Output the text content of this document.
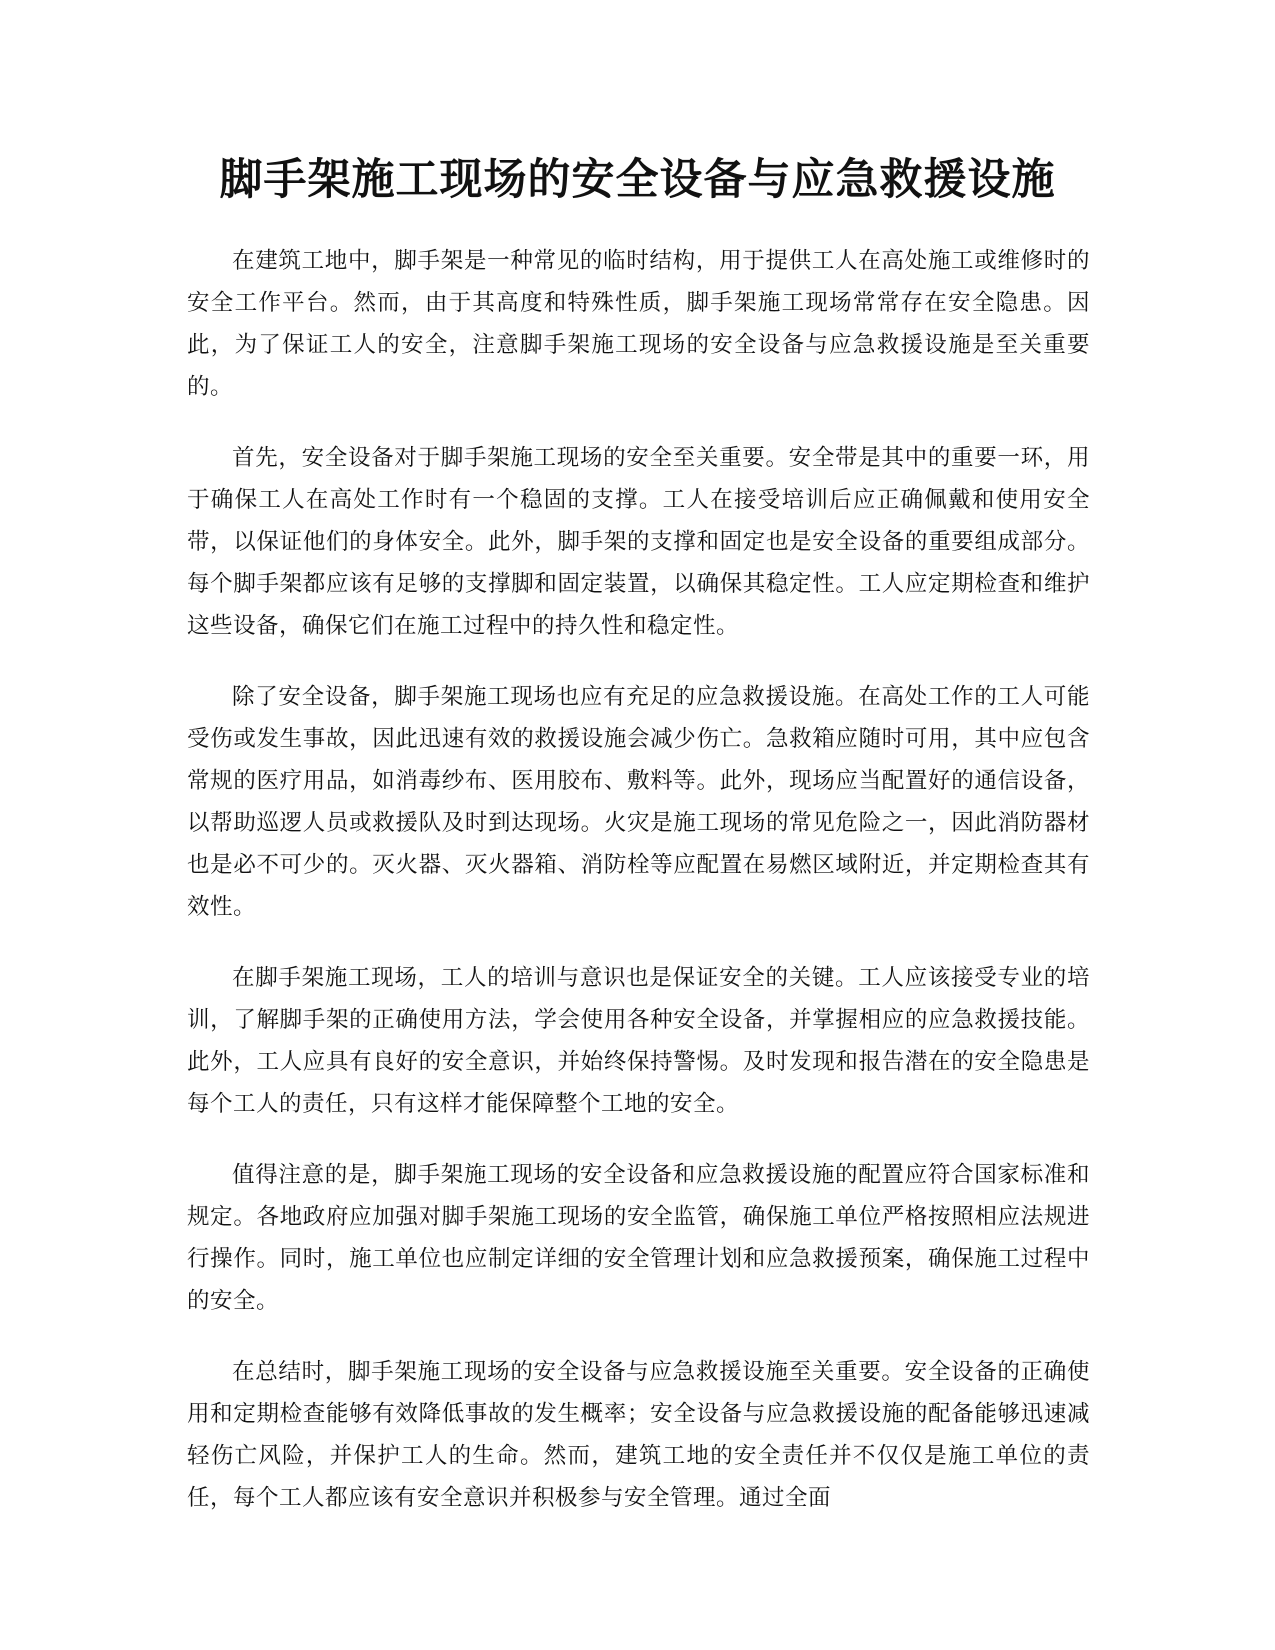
脚手架施工现场的安全设备与应急救援设施

在建筑工地中，脚手架是一种常见的临时结构，用于提供工人在高处施工或维修时的安全工作平台。然而，由于其高度和特殊性质，脚手架施工现场常常存在安全隐患。因此，为了保证工人的安全，注意脚手架施工现场的安全设备与应急救援设施是至关重要的。

首先，安全设备对于脚手架施工现场的安全至关重要。安全带是其中的重要一环，用于确保工人在高处工作时有一个稳固的支撑。工人在接受培训后应正确佩戴和使用安全带，以保证他们的身体安全。此外，脚手架的支撑和固定也是安全设备的重要组成部分。每个脚手架都应该有足够的支撑脚和固定装置，以确保其稳定性。工人应定期检查和维护这些设备，确保它们在施工过程中的持久性和稳定性。

除了安全设备，脚手架施工现场也应有充足的应急救援设施。在高处工作的工人可能受伤或发生事故，因此迅速有效的救援设施会减少伤亡。急救箱应随时可用，其中应包含常规的医疗用品，如消毒纱布、医用胶布、敷料等。此外，现场应当配置好的通信设备，以帮助巡逻人员或救援队及时到达现场。火灾是施工现场的常见危险之一，因此消防器材也是必不可少的。灭火器、灭火器箱、消防栓等应配置在易燃区域附近，并定期检查其有效性。

在脚手架施工现场，工人的培训与意识也是保证安全的关键。工人应该接受专业的培训，了解脚手架的正确使用方法，学会使用各种安全设备，并掌握相应的应急救援技能。此外，工人应具有良好的安全意识，并始终保持警惕。及时发现和报告潜在的安全隐患是每个工人的责任，只有这样才能保障整个工地的安全。

值得注意的是，脚手架施工现场的安全设备和应急救援设施的配置应符合国家标准和规定。各地政府应加强对脚手架施工现场的安全监管，确保施工单位严格按照相应法规进行操作。同时，施工单位也应制定详细的安全管理计划和应急救援预案，确保施工过程中的安全。

在总结时，脚手架施工现场的安全设备与应急救援设施至关重要。安全设备的正确使用和定期检查能够有效降低事故的发生概率；安全设备与应急救援设施的配备能够迅速减轻伤亡风险，并保护工人的生命。然而，建筑工地的安全责任并不仅仅是施工单位的责任，每个工人都应该有安全意识并积极参与安全管理。通过全面
